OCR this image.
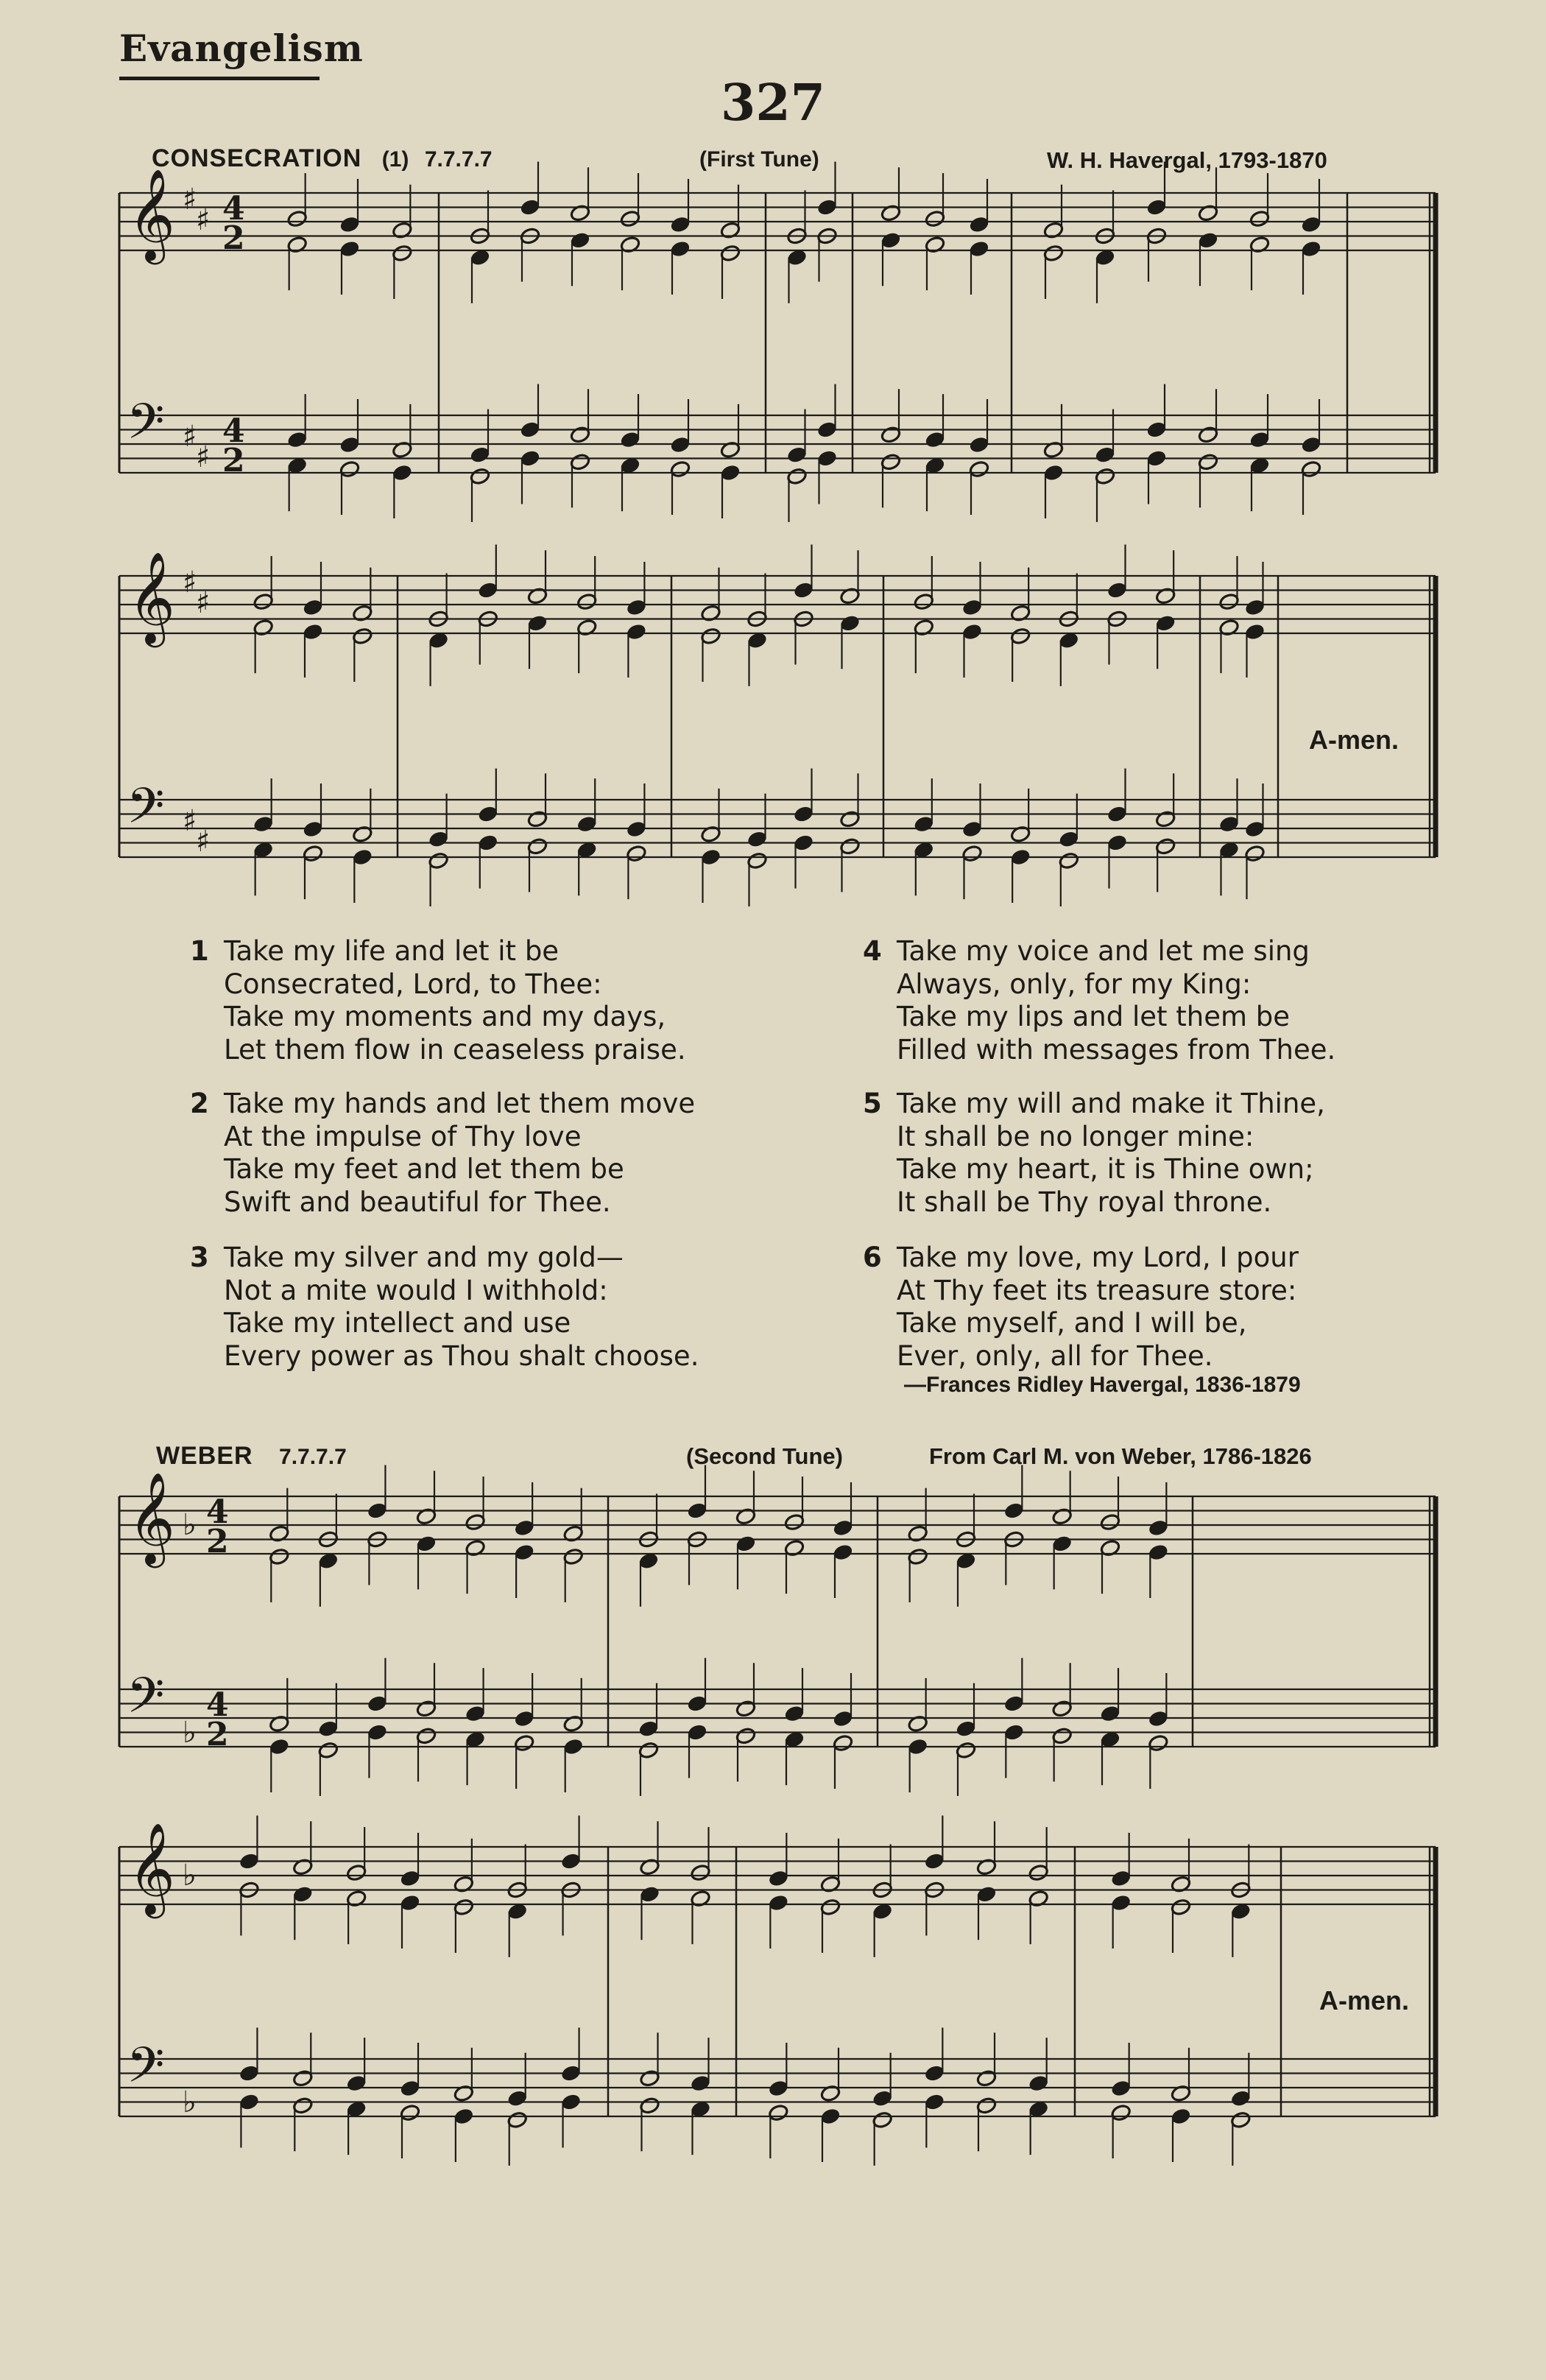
Evangelism
327
CONSECRATION (1) 7.7.7.7	(First Tune)	W. H. Havergal, 1793-1870
𝄞
𝄢
♯
♯
♯
♯
4
2
4
2
𝄞
𝄢
♯
♯
♯
♯
𝄞
𝄢
♭
♭
4
2
4
2
𝄞
𝄢
♭
♭
A-men.
1 Take my life and let it be
Consecrated, Lord, to Thee:
Take my moments and my days,
Let them flow in ceaseless praise.
2 Take my hands and let them move
At the impulse of Thy love
Take my feet and let them be
Swift and beautiful for Thee.
3 Take my silver and my gold—
Not a mite would I withhold:
Take my intellect and use
Every power as Thou shalt choose.
4 Take my voice and let me sing
Always, only, for my King:
Take my lips and let them be
Filled with messages from Thee.
5 Take my will and make it Thine,
It shall be no longer mine:
Take my heart, it is Thine own;
It shall be Thy royal throne.
6 Take my love, my Lord, I pour
At Thy feet its treasure store:
Take myself, and I will be,
Ever, only, all for Thee.
—Frances Ridley Havergal, 1836-1879
WEBER 7.7.7.7	(Second Tune)	From Carl M. von Weber, 1786-1826
A-men.
